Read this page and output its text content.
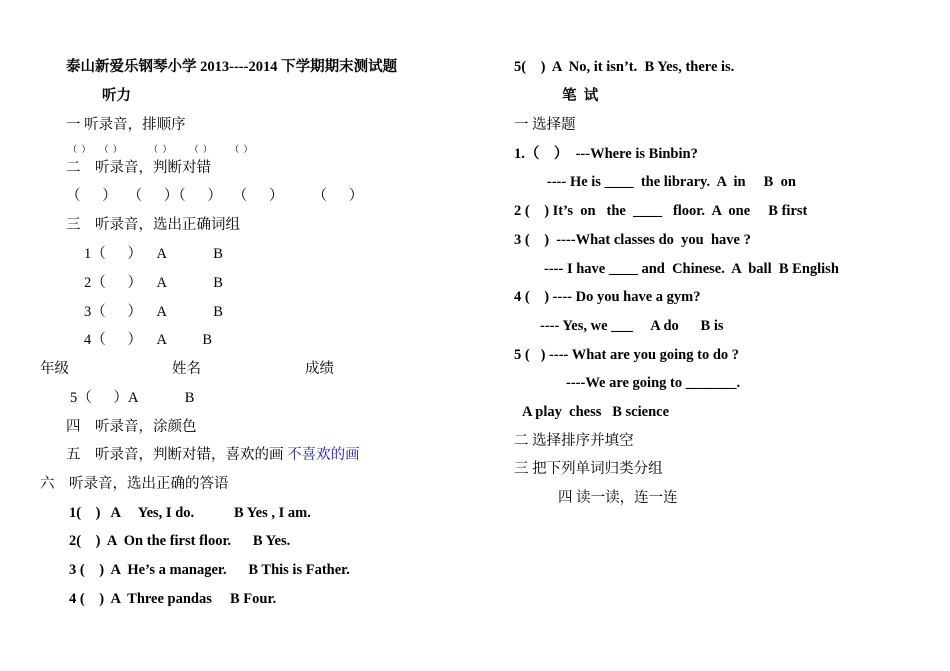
泰山新爱乐钢琴小学 2013----2014 下学期期末测试题
听力
一 听录音，排顺序
（  ）    （  ）            （  ）        （  ）        （  ）
二    听录音，判断对错
（      ）   （      ）（      ）   （      ）        （      ）
三    听录音，选出正确词组
1（      ）    A             B
2（      ）    A             B
3（      ）    A             B
4（      ）    A          B
年级	姓名	成绩
5（      ）A             B
四    听录音，涂颜色
五    听录音，判断对错，喜欢的画 不喜欢的画
六    听录音，选出正确的答语
1(    )   A     Yes, I do.           B Yes , I am.
2(    )  A  On the first floor.      B Yes.
3 (    )  A  He’s a manager.      B This is Father.
4 (    )  A  Three pandas     B Four.
5(    )  A  No, it isn’t.  B Yes, there is.
笔  试
一 选择题
1.（    ）  ---Where is Binbin?
---- He is ____  the library.  A  in     B  on
2 (    ) It’s  on   the  ____   floor.  A  one     B first
3 (    )  ----What classes do  you  have ?
---- I have ____ and  Chinese.  A  ball  B English
4 (    ) ---- Do you have a gym?
---- Yes, we ___     A do      B is
5 (   ) ---- What are you going to do ?
----We are going to _______.
A play  chess   B science
二 选择排序并填空
三 把下列单词归类分组
四 读一读，连一连
